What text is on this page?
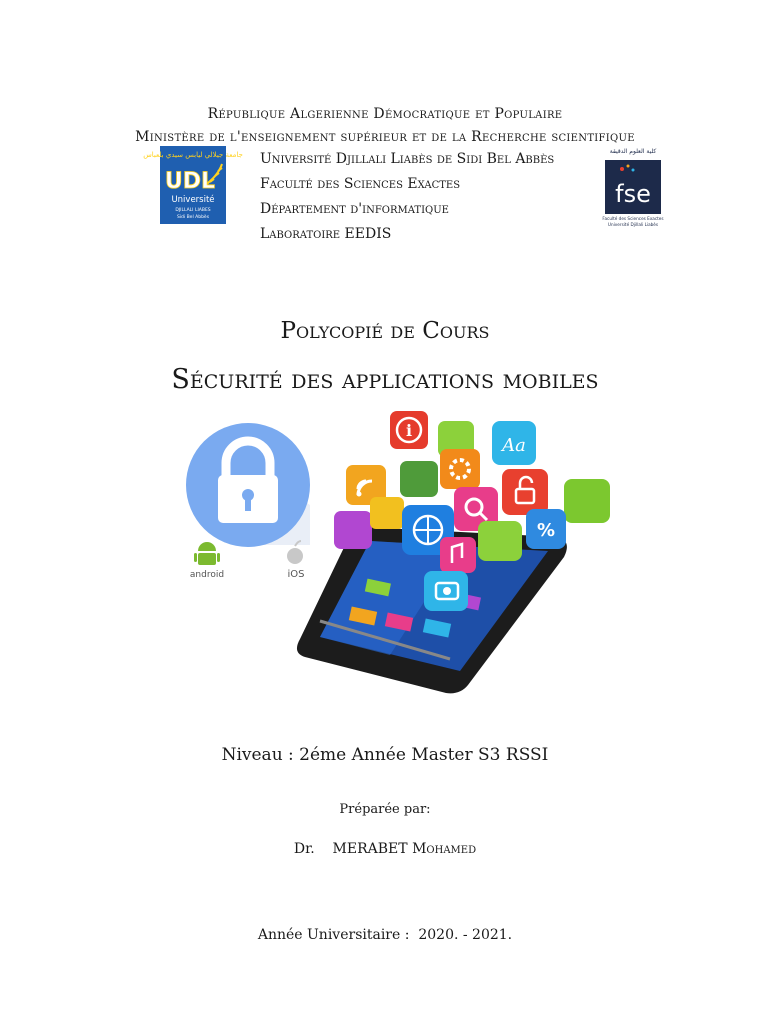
République Algerienne Démocratique et Populaire
Ministère de l'enseignement supérieur et de la Recherche scientifique
جامعة جيلالي ليابس سيدي بلعباس
UDL
Université
DJILLALI LIABES
Sidi Bel Abbès
Université Djillali Liabès de Sidi Bel Abbès
Faculté des Sciences Exactes
Département d'informatique
Laboratoire EEDIS
كلية العلوم الدقيقة
fse
Faculté des Sciences Exactes
Université Djillali Liabès
Polycopié de Cours
Sécurité des applications mobiles
android	iOS
i
Aa
%
Niveau : 2éme Année Master S3 RSSI
Préparée par:
Dr. MERABET Mohamed
Année Universitaire :  2020. - 2021.
